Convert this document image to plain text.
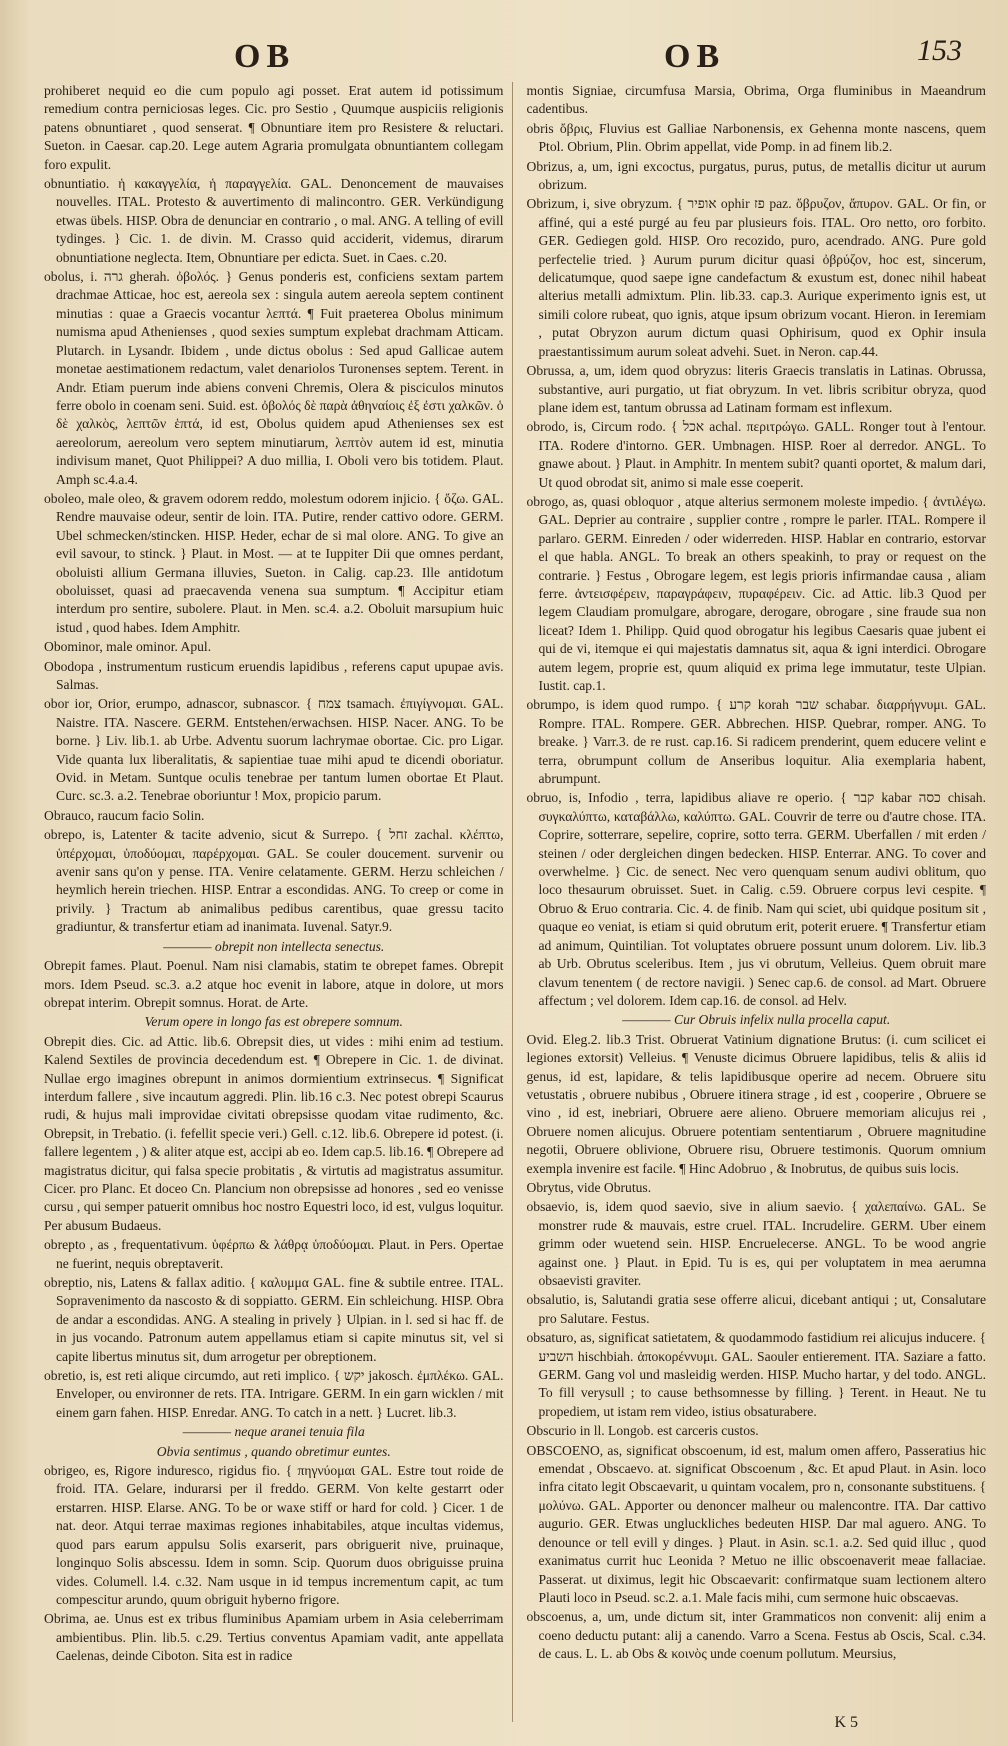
OB	OB	153

prohiberet nequid eo die cum populo agi posset. Erat autem id potissimum remedium contra perniciosas leges. Cic. pro Sestio , Quumque auspiciis religionis patens obnuntiaret , quod senserat. ¶ Obnuntiare item pro Resistere & reluctari. Sueton. in Caesar. cap.20. Lege autem Agraria promulgata obnuntiantem collegam foro expulit.

obnuntiatio. ἡ κακαγγελία, ἡ παραγγελία. GAL. Denoncement de mauvaises nouvelles. ITAL. Protesto & auvertimento di malincontro. GER. Verkündigung etwas übels. HISP. Obra de denunciar en contrario , o mal. ANG. A telling of evill tydinges. } Cic. 1. de divin. M. Crasso quid acciderit, videmus, dirarum obnuntiatione neglecta. Item, Obnuntiare per edicta. Suet. in Caes. c.20.

obolus, i. גרה gherah. ὀβολός. } Genus ponderis est, conficiens sextam partem drachmae Atticae, hoc est, aereola sex : singula autem aereola septem continent minutias : quae a Graecis vocantur λεπτά. ¶ Fuit praeterea Obolus minimum numisma apud Athenienses , quod sexies sumptum explebat drachmam Atticam. Plutarch. in Lysandr. Ibidem , unde dictus obolus : Sed apud Gallicae autem monetae aestimationem redactum, valet denariolos Turonenses septem. Terent. in Andr. Etiam puerum inde abiens conveni Chremis, Olera & pisciculos minutos ferre obolo in coenam seni. Suid. est. ὀβολός δὲ παρὰ ἀθηναίοις ἐξ ἐστι χαλκῶν. ὁ δὲ χαλκὸς, λεπτῶν ἑπτά, id est, Obolus quidem apud Athenienses sex est aereolorum, aereolum vero septem minutiarum, λεπτὸν autem id est, minutia indivisum manet, Quot Philippei? A duo millia, I. Oboli vero bis totidem. Plaut. Amph sc.4.a.4.

oboleo, male oleo, & gravem odorem reddo, molestum odorem injicio. { ὄζω. GAL. Rendre mauvaise odeur, sentir de loin. ITA. Putire, render cattivo odore. GERM. Ubel schmecken/stincken. HISP. Heder, echar de si mal olore. ANG. To give an evil savour, to stinck. } Plaut. in Most. — at te Iuppiter Dii que omnes perdant, oboluisti allium Germana illuvies, Sueton. in Calig. cap.23. Ille antidotum oboluisset, quasi ad praecavenda venena sua sumptum. ¶ Accipitur etiam interdum pro sentire, subolere. Plaut. in Men. sc.4. a.2. Oboluit marsupium huic istud , quod habes. Idem Amphitr.

Obominor, male ominor. Apul.

Obodopa , instrumentum rusticum eruendis lapidibus , referens caput upupae avis. Salmas.

obor ior, Orior, erumpo, adnascor, subnascor. { צמח tsamach. ἐπιγίγνομαι. GAL. Naistre. ITA. Nascere. GERM. Entstehen/erwachsen. HISP. Nacer. ANG. To be borne. } Liv. lib.1. ab Urbe. Adventu suorum lachrymae obortae. Cic. pro Ligar. Vide quanta lux liberalitatis, & sapientiae tuae mihi apud te dicendi oboriatur. Ovid. in Metam. Suntque oculis tenebrae per tantum lumen obortae Et Plaut. Curc. sc.3. a.2. Tenebrae oboriuntur ! Mox, propicio parum.

Obrauco, raucum facio Solin.

obrepo, is, Latenter & tacite advenio, sicut & Surrepo. { זחל zachal. κλέπτω, ὑπέρχομαι, ὑποδύομαι, παρέρχομαι. GAL. Se couler doucement. survenir ou avenir sans qu'on y pense. ITA. Venire celatamente. GERM. Herzu schleichen / heymlich herein triechen. HISP. Entrar a escondidas. ANG. To creep or come in privily. } Tractum ab animalibus pedibus carentibus, quae gressu tacito gradiuntur, & transfertur etiam ad inanimata. Iuvenal. Satyr.9.

———— obrepit non intellecta senectus.

Obrepit fames. Plaut. Poenul. Nam nisi clamabis, statim te obrepet fames. Obrepit mors. Idem Pseud. sc.3. a.2 atque hoc evenit in labore, atque in dolore, ut mors obrepat interim. Obrepit somnus. Horat. de Arte.

Verum opere in longo fas est obrepere somnum.

Obrepit dies. Cic. ad Attic. lib.6. Obrepsit dies, ut vides : mihi enim ad testium. Kalend Sextiles de provincia decedendum est. ¶ Obrepere in Cic. 1. de divinat. Nullae ergo imagines obrepunt in animos dormientium extrinsecus. ¶ Significat interdum fallere , sive incautum aggredi. Plin. lib.16 c.3. Nec potest obrepi Scaurus rudi, & hujus mali improvidae civitati obrepsisse quodam vitae rudimento, &c. Obrepsit, in Trebatio. (i. fefellit specie veri.) Gell. c.12. lib.6. Obrepere id potest. (i. fallere legentem , ) & aliter atque est, accipi ab eo. Idem cap.5. lib.16. ¶ Obrepere ad magistratus dicitur, qui falsa specie probitatis , & virtutis ad magistratus assumitur. Cicer. pro Planc. Et doceo Cn. Plancium non obrepsisse ad honores , sed eo venisse cursu , qui semper patuerit omnibus hoc nostro Equestri loco, id est, vulgus loquitur. Per abusum Budaeus.

obrepto , as , frequentativum. ὑφέρπω & λάθρᾳ ὑποδύομαι. Plaut. in Pers. Opertae ne fuerint, nequis obreptaverit.

obreptio, nis, Latens & fallax aditio. { καλυμμα GAL. fine & subtile entree. ITAL. Sopravenimento da nascosto & di soppiatto. GERM. Ein schleichung. HISP. Obra de andar a escondidas. ANG. A stealing in prively } Ulpian. in l. sed si hac ff. de in jus vocando. Patronum autem appellamus etiam si capite minutus sit, vel si capite libertus minutus sit, dum arrogetur per obreptionem.

obretio, is, est reti alique circumdo, aut reti implico. { יקש jakosch. ἐμπλέκω. GAL. Enveloper, ou environner de rets. ITA. Intrigare. GERM. In ein garn wicklen / mit einem garn fahen. HISP. Enredar. ANG. To catch in a nett. } Lucret. lib.3.

———— neque aranei tenuia fila

Obvia sentimus , quando obretimur euntes.

obrigeo, es, Rigore induresco, rigidus fio. { πηγνύομαι GAL. Estre tout roide de froid. ITA. Gelare, indurarsi per il freddo. GERM. Von kelte gestarrt oder erstarren. HISP. Elarse. ANG. To be or waxe stiff or hard for cold. } Cicer. 1 de nat. deor. Atqui terrae maximas regiones inhabitabiles, atque incultas videmus, quod pars earum appulsu Solis exarserit, pars obriguerit nive, pruinaque, longinquo Solis abscessu. Idem in somn. Scip. Quorum duos obriguisse pruina vides. Columell. l.4. c.32. Nam usque in id tempus incrementum capit, ac tum compescitur arundo, quum obriguit hyberno frigore.

Obrima, ae. Unus est ex tribus fluminibus Apamiam urbem in Asia celeberrimam ambientibus. Plin. lib.5. c.29. Tertius conventus Apamiam vadit, ante appellata Caelenas, deinde Ciboton. Sita est in radice

montis Signiae, circumfusa Marsia, Obrima, Orga fluminibus in Maeandrum cadentibus.

obris ὄβρις, Fluvius est Galliae Narbonensis, ex Gehenna monte nascens, quem Ptol. Obrium, Plin. Obrim appellat, vide Pomp. in ad finem lib.2.

Obrizus, a, um, igni excoctus, purgatus, purus, putus, de metallis dicitur ut aurum obrizum.

Obrizum, i, sive obryzum. { אופיר ophir פז paz. ὄβρυζον, ἄπυρον. GAL. Or fin, or affiné, qui a esté purgé au feu par plusieurs fois. ITAL. Oro netto, oro forbito. GER. Gediegen gold. HISP. Oro recozido, puro, acendrado. ANG. Pure gold perfectelie tried. } Aurum purum dicitur quasi ὀβρύζον, hoc est, sincerum, delicatumque, quod saepe igne candefactum & exustum est, donec nihil habeat alterius metalli admixtum. Plin. lib.33. cap.3. Aurique experimento ignis est, ut simili colore rubeat, quo ignis, atque ipsum obrizum vocant. Hieron. in Ieremiam , putat Obryzon aurum dictum quasi Ophirisum, quod ex Ophir insula praestantissimum aurum soleat advehi. Suet. in Neron. cap.44.

Obrussa, a, um, idem quod obryzus: literis Graecis translatis in Latinas. Obrussa, substantive, auri purgatio, ut fiat obryzum. In vet. libris scribitur obryza, quod plane idem est, tantum obrussa ad Latinam formam est inflexum.

obrodo, is, Circum rodo. { אכל achal. περιτρώγω. GALL. Ronger tout à l'entour. ITA. Rodere d'intorno. GER. Umbnagen. HISP. Roer al derredor. ANGL. To gnawe about. } Plaut. in Amphitr. In mentem subit? quanti oportet, & malum dari, Ut quod obrodat sit, animo si male esse coeperit.

obrogo, as, quasi obloquor , atque alterius sermonem moleste impedio. { ἀντιλέγω. GAL. Deprier au contraire , supplier contre , rompre le parler. ITAL. Rompere il parlaro. GERM. Einreden / oder widerreden. HISP. Hablar en contrario, estorvar el que habla. ANGL. To break an others speakinh, to pray or request on the contrarie. } Festus , Obrogare legem, est legis prioris infirmandae causa , aliam ferre. ἀντεισφέρειν, παραγράφειν, πυραφέρειν. Cic. ad Attic. lib.3 Quod per legem Claudiam promulgare, abrogare, derogare, obrogare , sine fraude sua non liceat? Idem 1. Philipp. Quid quod obrogatur his legibus Caesaris quae jubent ei qui de vi, itemque ei qui majestatis damnatus sit, aqua & igni interdici. Obrogare autem legem, proprie est, quum aliquid ex prima lege immutatur, teste Ulpian. Iustit. cap.1.

obrumpo, is idem quod rumpo. { קרע korah שבר schabar. διαρρήγνυμι. GAL. Rompre. ITAL. Rompere. GER. Abbrechen. HISP. Quebrar, romper. ANG. To breake. } Varr.3. de re rust. cap.16. Si radicem prenderint, quem educere velint e terra, obrumpunt collum de Anseribus loquitur. Alia exemplaria habent, abrumpunt.

obruo, is, Infodio , terra, lapidibus aliave re operio. { קבר kabar כסה chisah. συγκαλύπτω, καταβάλλω, καλύπτω. GAL. Couvrir de terre ou d'autre chose. ITA. Coprire, sotterrare, sepelire, coprire, sotto terra. GERM. Uberfallen / mit erden / steinen / oder dergleichen dingen bedecken. HISP. Enterrar. ANG. To cover and overwhelme. } Cic. de senect. Nec vero quenquam senum audivi oblitum, quo loco thesaurum obruisset. Suet. in Calig. c.59. Obruere corpus levi cespite. ¶ Obruo & Eruo contraria. Cic. 4. de finib. Nam qui sciet, ubi quidque positum sit , quaque eo veniat, is etiam si quid obrutum erit, poterit eruere. ¶ Transfertur etiam ad animum, Quintilian. Tot voluptates obruere possunt unum dolorem. Liv. lib.3 ab Urb. Obrutus sceleribus. Item , jus vi obrutum, Velleius. Quem obruit mare clavum tenentem ( de rectore navigii. ) Senec cap.6. de consol. ad Mart. Obruere affectum ; vel dolorem. Idem cap.16. de consol. ad Helv.

———— Cur Obruis infelix nulla procella caput.

Ovid. Eleg.2. lib.3 Trist. Obruerat Vatinium dignatione Brutus: (i. cum scilicet ei legiones extorsit) Velleius. ¶ Venuste dicimus Obruere lapidibus, telis & aliis id genus, id est, lapidare, & telis lapidibusque operire ad necem. Obruere situ vetustatis , obruere nubibus , Obruere itinera strage , id est , cooperire , Obruere se vino , id est, inebriari, Obruere aere alieno. Obruere memoriam alicujus rei , Obruere nomen alicujus. Obruere potentiam sententiarum , Obruere magnitudine negotii, Obruere oblivione, Obruere risu, Obruere testimonis. Quorum omnium exempla invenire est facile. ¶ Hinc Adobruo , & Inobrutus, de quibus suis locis.

Obrytus, vide Obrutus.

obsaevio, is, idem quod saevio, sive in alium saevio. { χαλεπαίνω. GAL. Se monstrer rude & mauvais, estre cruel. ITAL. Incrudelire. GERM. Uber einem grimm oder wuetend sein. HISP. Encruelecerse. ANGL. To be wood angrie against one. } Plaut. in Epid. Tu is es, qui per voluptatem in mea aerumna obsaevisti graviter.

obsalutio, is, Salutandi gratia sese offerre alicui, dicebant antiqui ; ut, Consalutare pro Salutare. Festus.

obsaturo, as, significat satietatem, & quodammodo fastidium rei alicujus inducere. { השביע hischbiah. ἀποκορέννυμι. GAL. Saouler entierement. ITA. Saziare a fatto. GERM. Gang vol und masleidig werden. HISP. Mucho hartar, y del todo. ANGL. To fill verysull ; to cause bethsomnesse by filling. } Terent. in Heaut. Ne tu propediem, ut istam rem video, istius obsaturabere.

Obscurio in ll. Longob. est carceris custos.

OBSCOENO, as, significat obscoenum, id est, malum omen affero, Passeratius hic emendat , Obscaevo. at. significat Obscoenum , &c. Et apud Plaut. in Asin. loco infra citato legit Obscaevarit, u quintam vocalem, pro n, consonante substituens. { μολύνω. GAL. Apporter ou denoncer malheur ou malencontre. ITA. Dar cattivo augurio. GER. Etwas ungluckliches bedeuten HISP. Dar mal aguero. ANG. To denounce or tell evill y dinges. } Plaut. in Asin. sc.1. a.2. Sed quid illuc , quod exanimatus currit huc Leonida ? Metuo ne illic obscoenaverit meae fallaciae. Passerat. ut diximus, legit hic Obscaevarit: confirmatque suam lectionem altero Plauti loco in Pseud. sc.2. a.1. Male facis mihi, cum sermone huic obscaevas.

obscoenus, a, um, unde dictum sit, inter Grammaticos non convenit: alij enim a coeno deductu putant: alij a canendo. Varro a Scena. Festus ab Oscis, Scal. c.34. de caus. L. L. ab Obs & κοινὸς unde coenum pollutum. Meursius,

K 5
